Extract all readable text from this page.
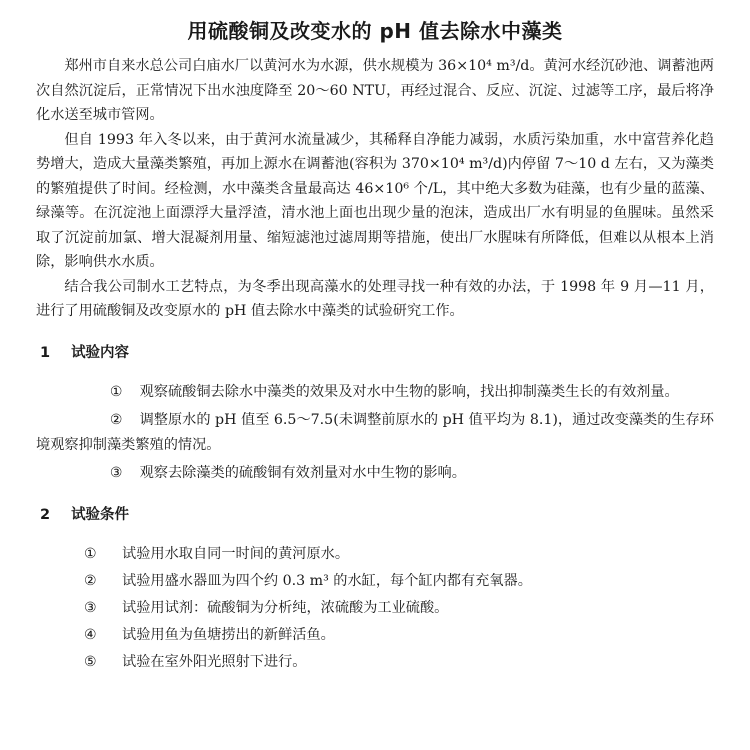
用硫酸铜及改变水的 pH 值去除水中藻类

郑州市自来水总公司白庙水厂以黄河水为水源，供水规模为 36×10⁴ m³/d。黄河水经沉砂池、调蓄池两次自然沉淀后，正常情况下出水浊度降至 20～60 NTU，再经过混合、反应、沉淀、过滤等工序，最后将净化水送至城市管网。

但自 1993 年入冬以来，由于黄河水流量减少，其稀释自净能力减弱，水质污染加重，水中富营养化趋势增大，造成大量藻类繁殖，再加上源水在调蓄池(容积为 370×10⁴ m³/d)内停留 7～10 d 左右，又为藻类的繁殖提供了时间。经检测，水中藻类含量最高达 46×10⁶ 个/L，其中绝大多数为硅藻，也有少量的蓝藻、绿藻等。在沉淀池上面漂浮大量浮渣，清水池上面也出现少量的泡沫，造成出厂水有明显的鱼腥味。虽然采取了沉淀前加氯、增大混凝剂用量、缩短滤池过滤周期等措施，使出厂水腥味有所降低，但难以从根本上消除，影响供水水质。

结合我公司制水工艺特点，为冬季出现高藻水的处理寻找一种有效的办法，于 1998 年 9 月—11 月，进行了用硫酸铜及改变原水的 pH 值去除水中藻类的试验研究工作。

1 试验内容

① 观察硫酸铜去除水中藻类的效果及对水中生物的影响，找出抑制藻类生长的有效剂量。

② 调整原水的 pH 值至 6.5～7.5(未调整前原水的 pH 值平均为 8.1)，通过改变藻类的生存环境观察抑制藻类繁殖的情况。

③ 观察去除藻类的硫酸铜有效剂量对水中生物的影响。

2 试验条件

① 试验用水取自同一时间的黄河原水。

② 试验用盛水器皿为四个约 0.3 m³ 的水缸，每个缸内都有充氧器。

③ 试验用试剂：硫酸铜为分析纯，浓硫酸为工业硫酸。

④ 试验用鱼为鱼塘捞出的新鲜活鱼。

⑤ 试验在室外阳光照射下进行。
